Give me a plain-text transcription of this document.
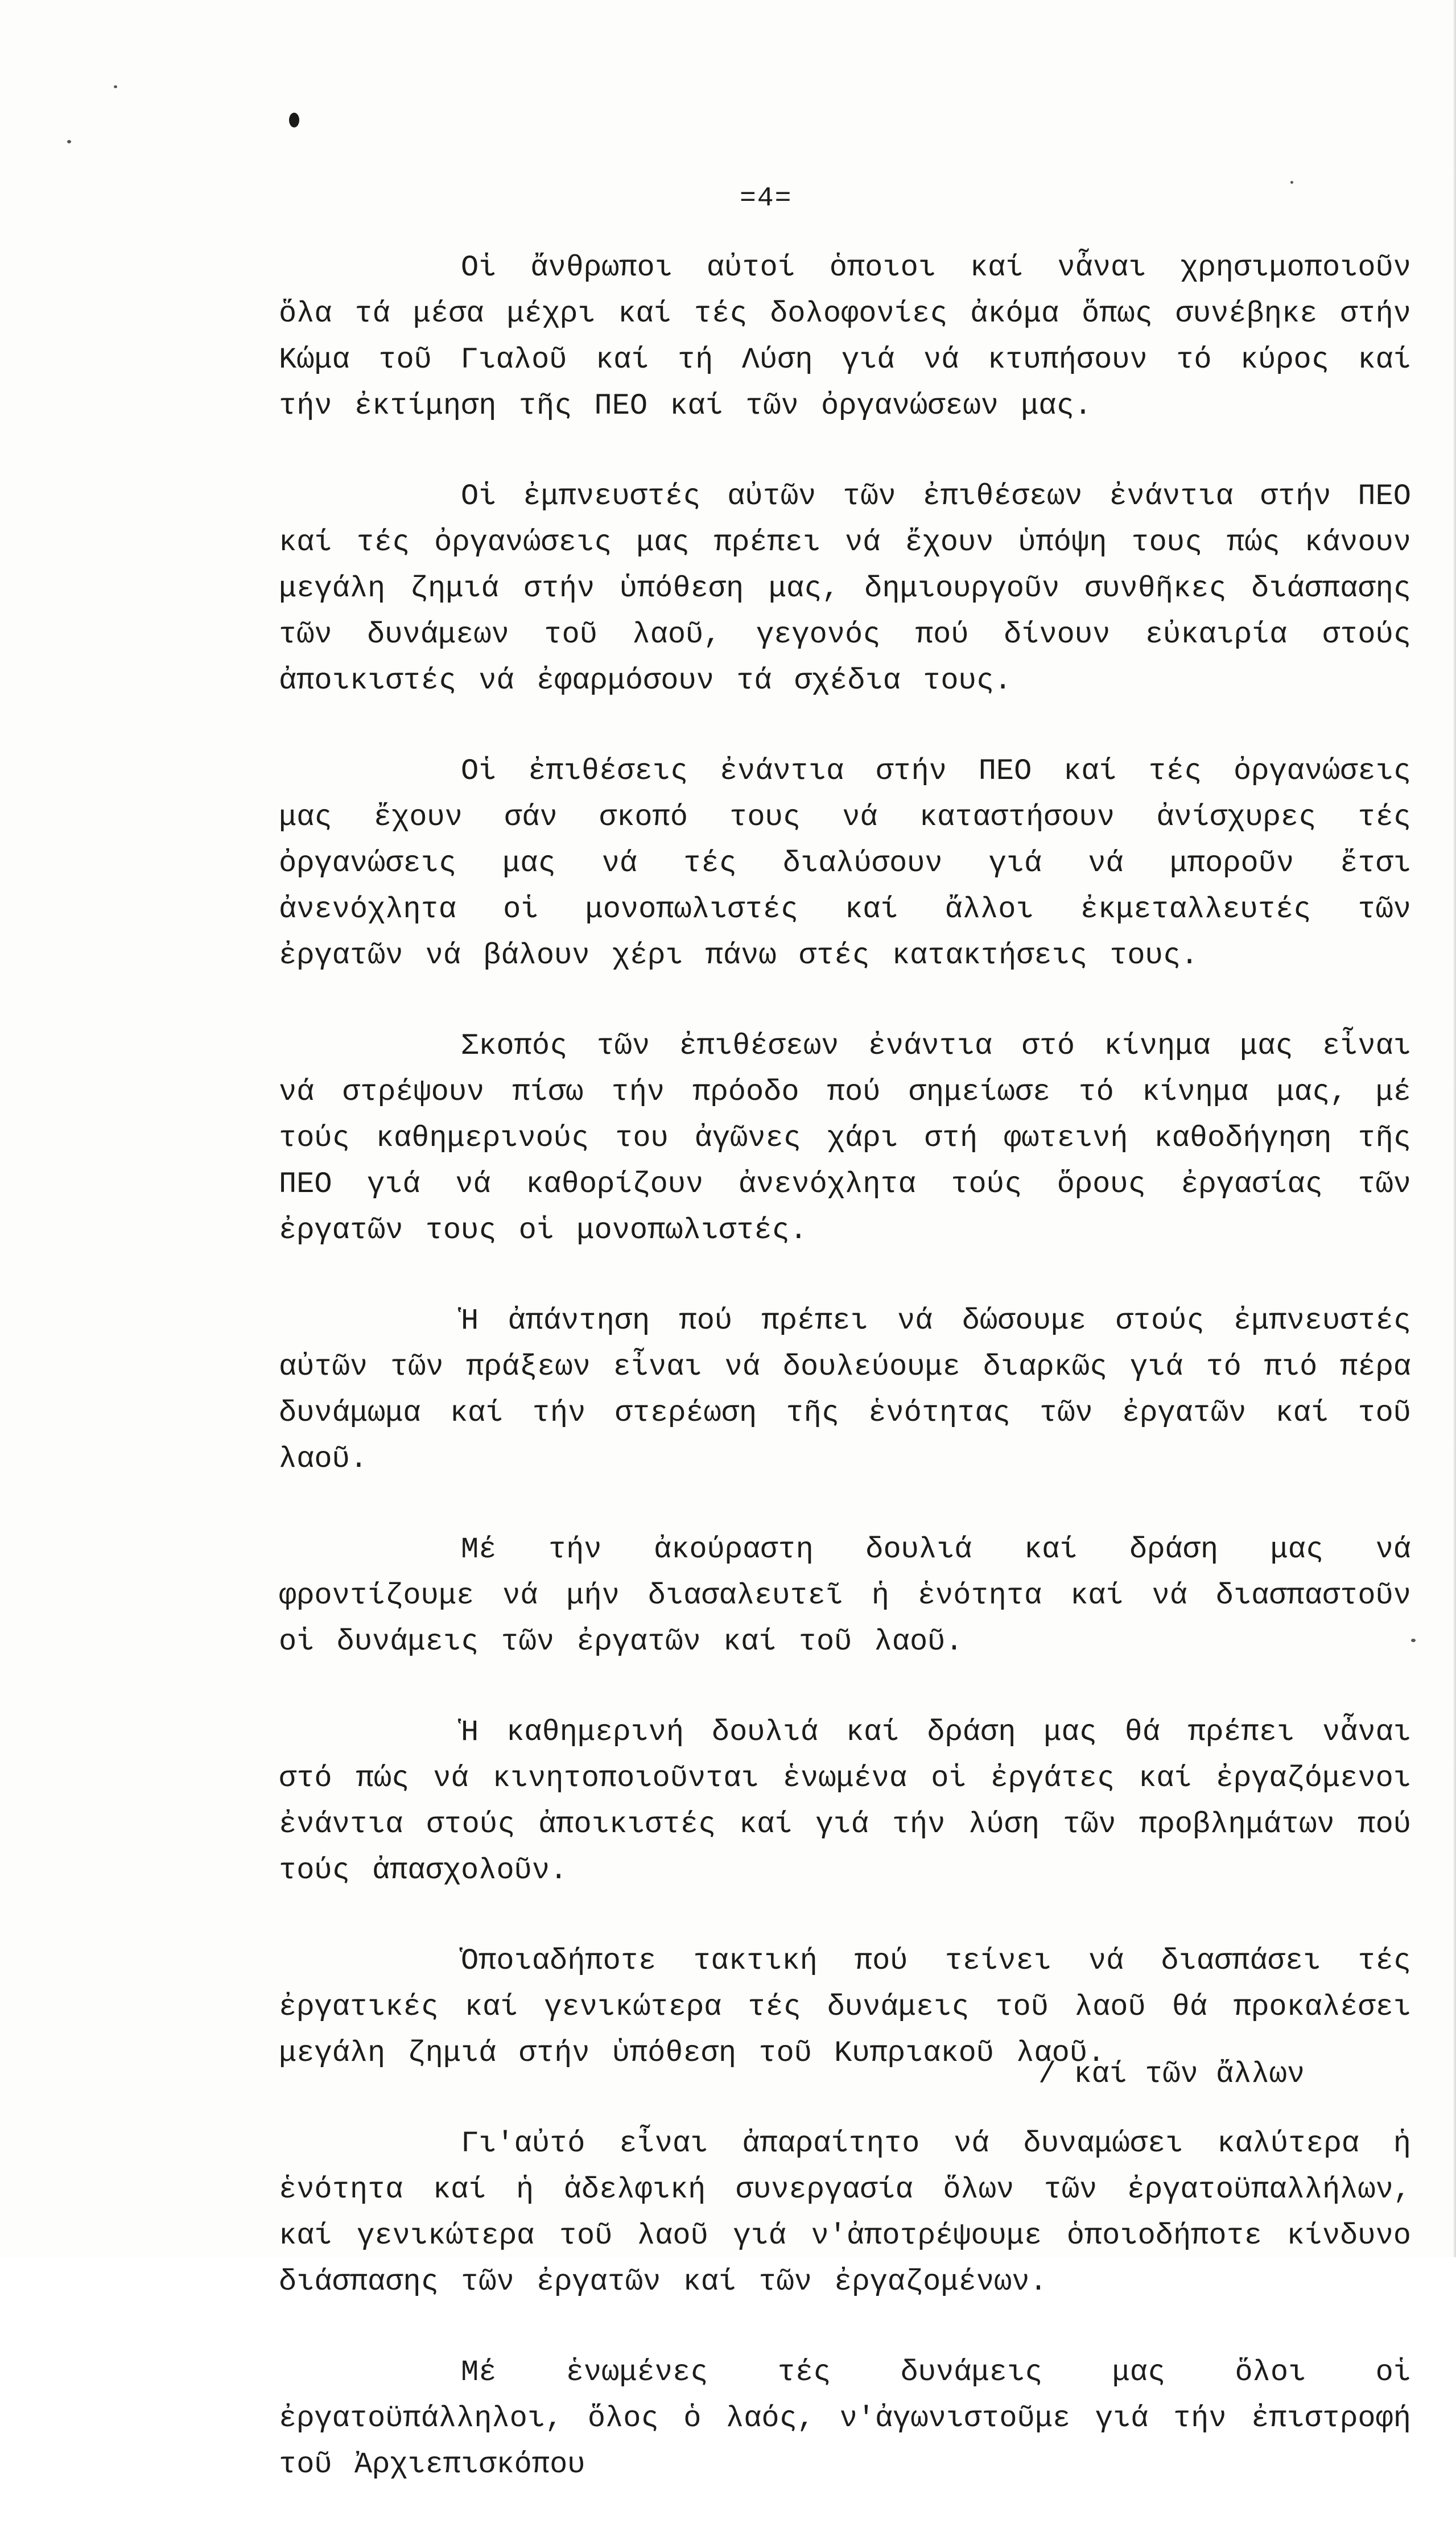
=4=

Οἱ ἄνθρωποι αὐτοί ὁποιοι καί νἆναι χρησιμοποιοῦν ὅλα τά μέσα μέχρι καί τές δολοφονίες ἀκόμα ὅπως συνέβηκε στήν Κώμα τοῦ Γιαλοῦ καί τή Λύση γιά νά κτυπήσουν τό κύρος καί τήν ἐκτίμηση τῆς ΠΕΟ καί τῶν ὀργανώσεων μας.

Οἱ ἐμπνευστές αὐτῶν τῶν ἐπιθέσεων ἐνάντια στήν ΠΕΟ καί τές ὀργανώσεις μας πρέπει νά ἔχουν ὑπόψη τους πώς κάνουν μεγάλη ζημιά στήν ὑπόθεση μας, δημιουργοῦν συνθῆκες διάσπασης τῶν δυνάμεων τοῦ λαοῦ, γεγονός πού δίνουν εὐκαιρία στούς ἀποικιστές νά ἐφαρμόσουν τά σχέδια τους.

Οἱ ἐπιθέσεις ἐνάντια στήν ΠΕΟ καί τές ὀργανώσεις μας ἔχουν σάν σκοπό τους νά καταστήσουν ἀνίσχυρες τές ὀργανώσεις μας νά τές διαλύσουν γιά νά μποροῦν ἔτσι ἀνενόχλητα οἱ μονοπωλιστές καί ἄλλοι ἐκμεταλλευτές τῶν ἐργατῶν νά βάλουν χέρι πάνω στές κατακτήσεις τους.

Σκοπός τῶν ἐπιθέσεων ἐνάντια στό κίνημα μας εἶναι νά στρέψουν πίσω τήν πρόοδο πού σημείωσε τό κίνημα μας, μέ τούς καθημερινούς του ἀγῶνες χάρι στή φωτεινή καθοδήγηση τῆς ΠΕΟ γιά νά καθορίζουν ἀνενόχλητα τούς ὅρους ἐργασίας τῶν ἐργατῶν τους οἱ μονοπωλιστές.

Ἡ ἀπάντηση πού πρέπει νά δώσουμε στούς ἐμπνευστές αὐτῶν τῶν πράξεων εἶναι νά δουλεύουμε διαρκῶς γιά τό πιό πέρα δυνάμωμα καί τήν στερέωση τῆς ἑνότητας τῶν ἐργατῶν καί τοῦ λαοῦ.

Μέ τήν ἀκούραστη δουλιά καί δράση μας νά φροντίζουμε νά μήν διασαλευτεῖ ἡ ἑνότητα καί νά διασπαστοῦν οἱ δυνάμεις τῶν ἐργατῶν καί τοῦ λαοῦ.

Ἡ καθημερινή δουλιά καί δράση μας θά πρέπει νἆναι στό πώς νά κινητοποιοῦνται ἑνωμένα οἱ ἐργάτες καί ἐργαζόμενοι ἐνάντια στούς ἀποικιστές καί γιά τήν λύση τῶν προβλημάτων πού τούς ἀπασχολοῦν.

Ὁποιαδήποτε τακτική πού τείνει νά διασπάσει τές ἐργατικές καί γενικώτερα τές δυνάμεις τοῦ λαοῦ θά προκαλέσει μεγάλη ζημιά στήν ὑπόθεση τοῦ Κυπριακοῦ λαοῦ.

Γι'αὐτό εἶναι ἀπαραίτητο νά δυναμώσει καλύτερα ἡ ἑνότητα καί ἡ ἀδελφική συνεργασία ὅλων τῶν ἐργατοϋπαλλήλων, καί γενικώτερα τοῦ λαοῦ γιά ν'ἀποτρέψουμε ὁποιοδήποτε κίνδυνο διάσπασης τῶν ἐργατῶν καί τῶν ἐργαζομένων.

Μέ ἑνωμένες τές δυνάμεις μας ὅλοι οἱ ἐργατοϋπάλληλοι, ὅλος ὁ λαός, ν'ἀγωνιστοῦμε γιά τήν ἐπιστροφή τοῦ Ἀρχιεπισκόπου

/ καί τῶν ἄλλων
